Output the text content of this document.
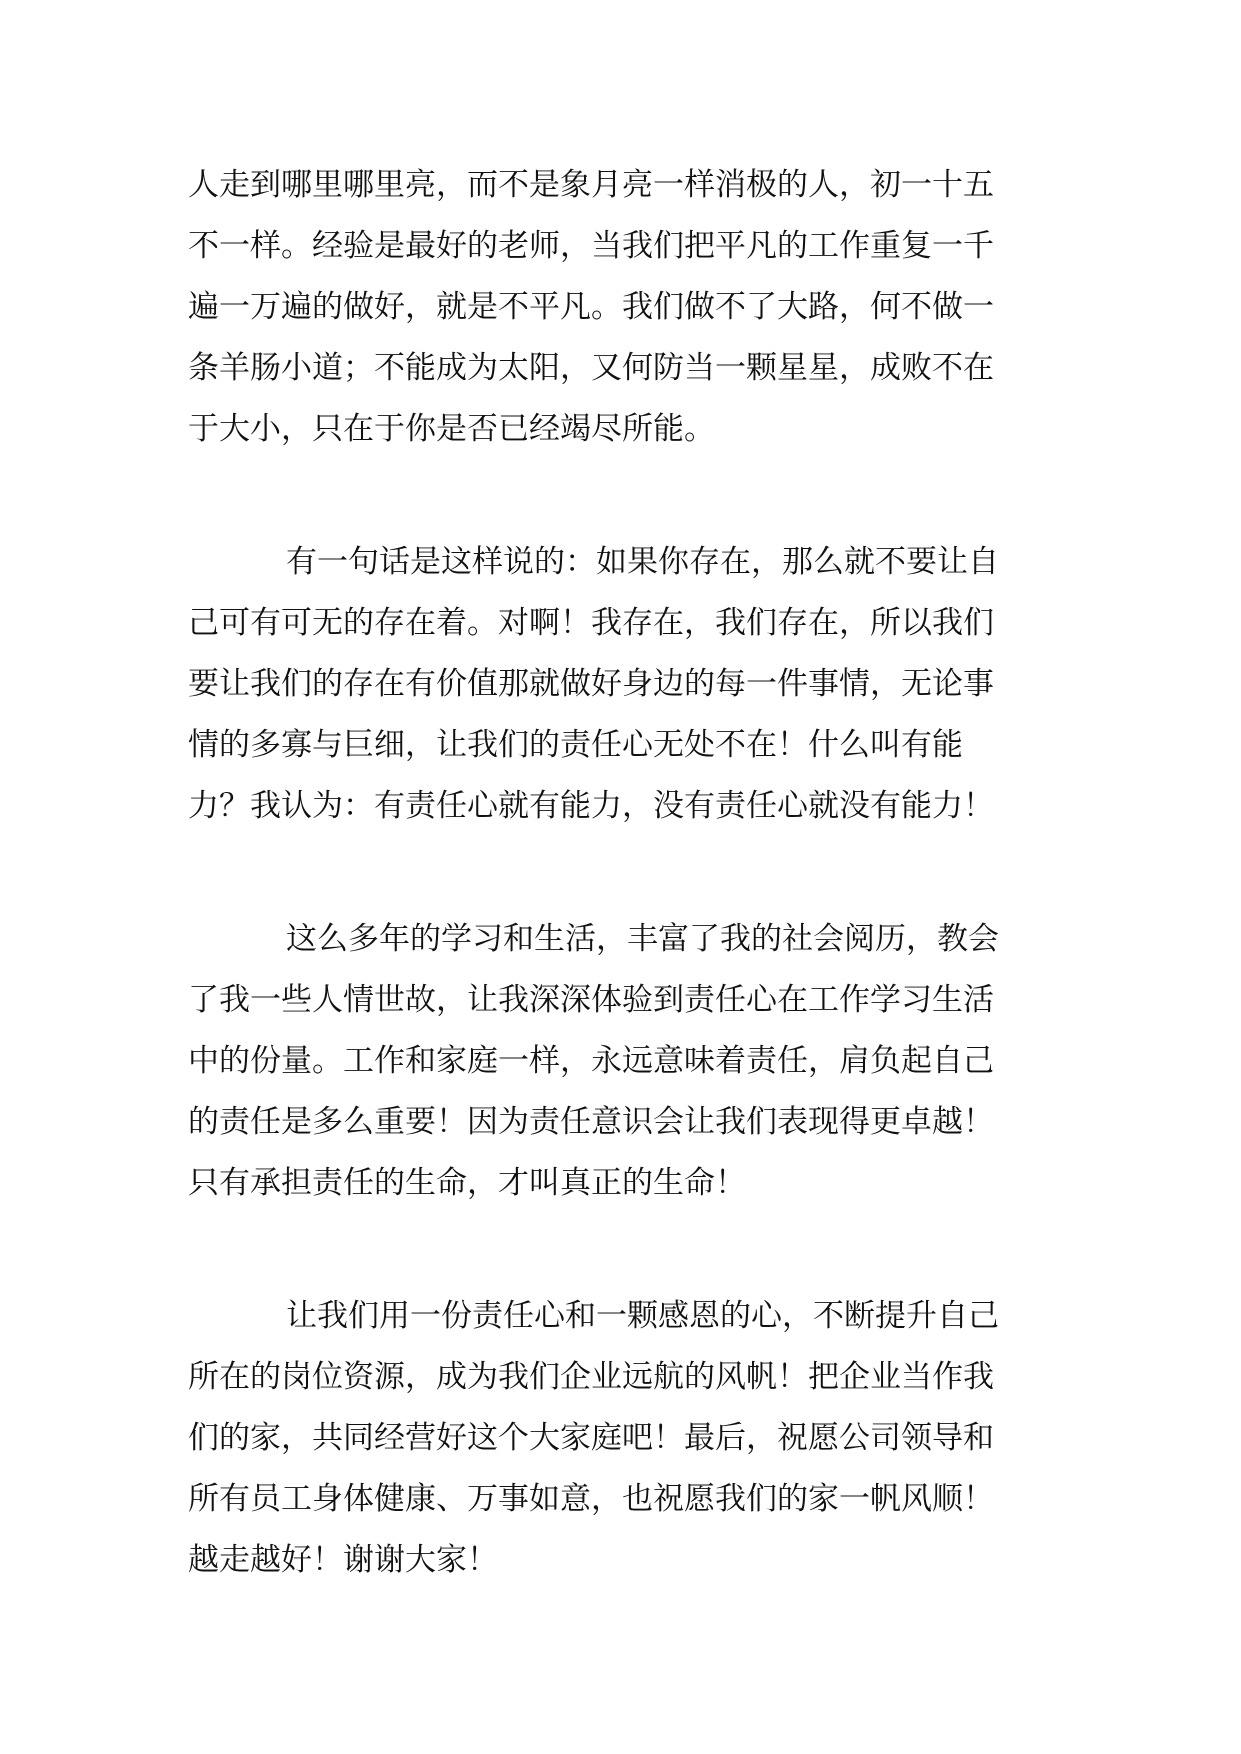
人走到哪里哪里亮，而不是象月亮一样消极的人，初一十五
不一样。经验是最好的老师，当我们把平凡的工作重复一千
遍一万遍的做好，就是不平凡。我们做不了大路，何不做一
条羊肠小道；不能成为太阳，又何防当一颗星星，成败不在
于大小，只在于你是否已经竭尽所能。

有一句话是这样说的：如果你存在，那么就不要让自
己可有可无的存在着。对啊！我存在，我们存在，所以我们
要让我们的存在有价值那就做好身边的每一件事情，无论事
情的多寡与巨细，让我们的责任心无处不在！什么叫有能
力？我认为：有责任心就有能力，没有责任心就没有能力！

这么多年的学习和生活，丰富了我的社会阅历，教会
了我一些人情世故，让我深深体验到责任心在工作学习生活
中的份量。工作和家庭一样，永远意味着责任，肩负起自己
的责任是多么重要！因为责任意识会让我们表现得更卓越！
只有承担责任的生命，才叫真正的生命！

让我们用一份责任心和一颗感恩的心，不断提升自己
所在的岗位资源，成为我们企业远航的风帆！把企业当作我
们的家，共同经营好这个大家庭吧！最后，祝愿公司领导和
所有员工身体健康、万事如意，也祝愿我们的家一帆风顺！
越走越好！谢谢大家！
